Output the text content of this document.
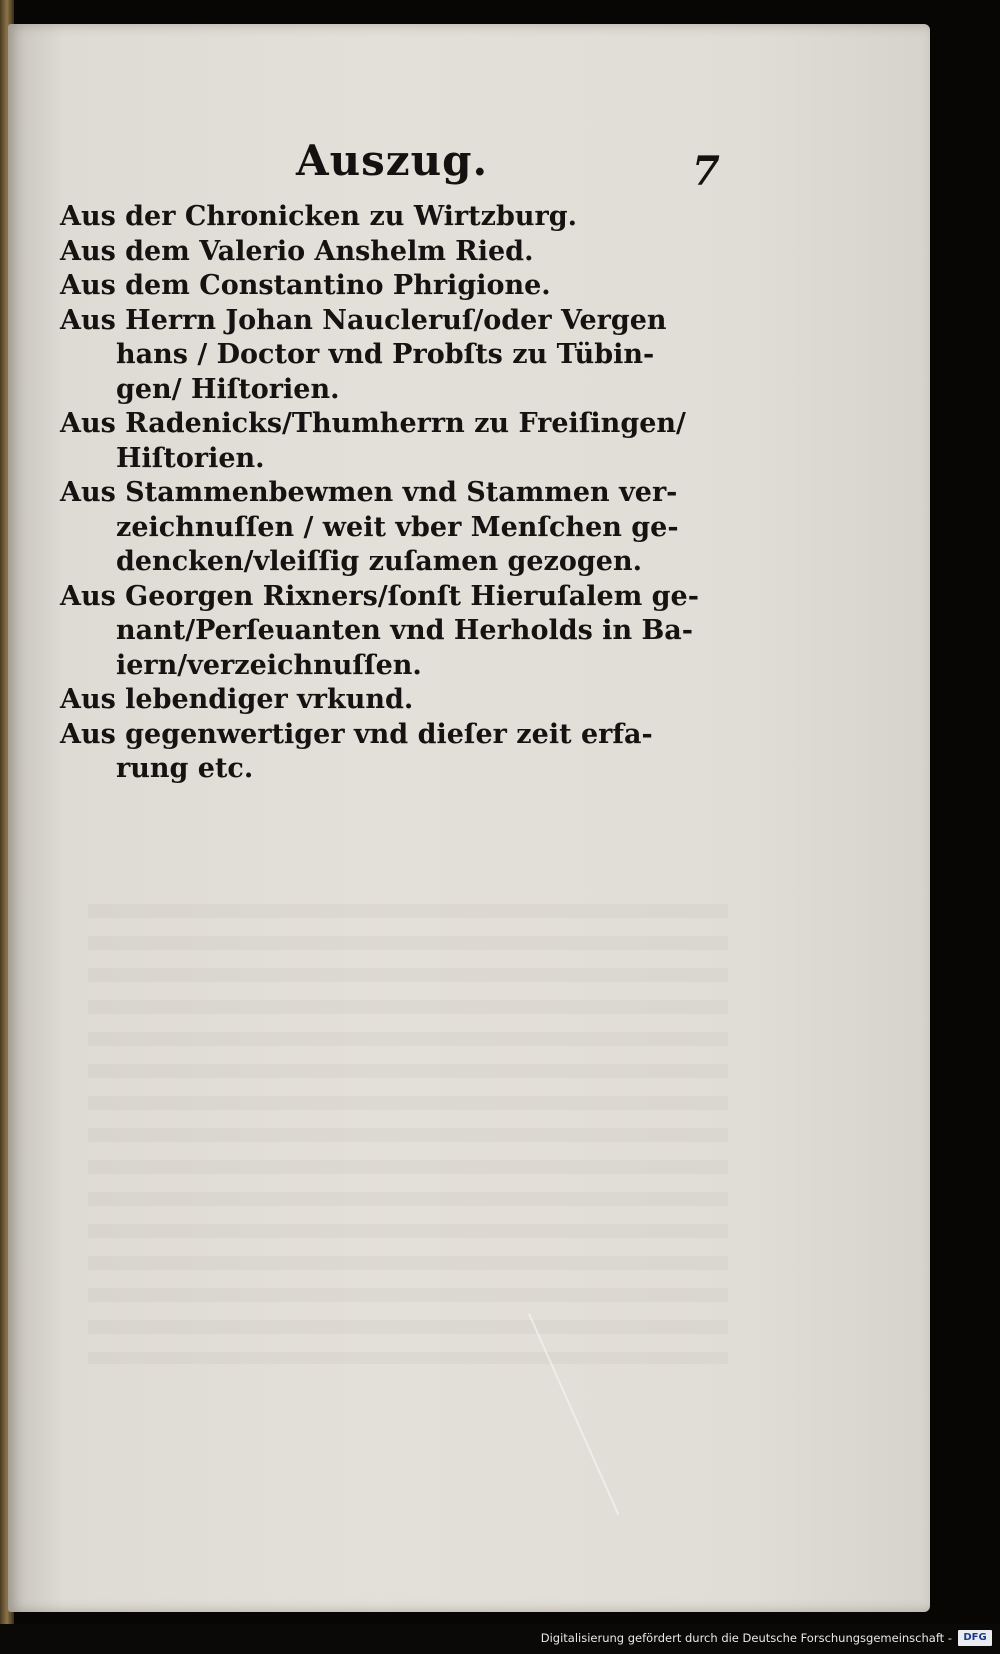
Auszug.	7
Aus der Chronicken zu Wirtzburg.
Aus dem Valerio Anshelm Ried.
Aus dem Constantino Phrigione.
Aus Herrn Johan Naucleruſ/oder Vergen
hans / Doctor vnd Probſts zu Tübin-
gen/ Hiſtorien.
Aus Radenicks/Thumherrn zu Freiſingen/
Hiſtorien.
Aus Stammenbewmen vnd Stammen ver-
zeichnuſſen / weit vber Menſchen ge-
dencken/vleiſſig zuſamen gezogen.
Aus Georgen Rixners/ſonſt Hieruſalem ge-
nant/Perſeuanten vnd Herholds in Ba-
iern/verzeichnuſſen.
Aus lebendiger vrkund.
Aus gegenwertiger vnd dieſer zeit erfa-
rung etc.
Digitalisierung gefördert durch die Deutsche Forschungsgemeinschaft -	DFG
